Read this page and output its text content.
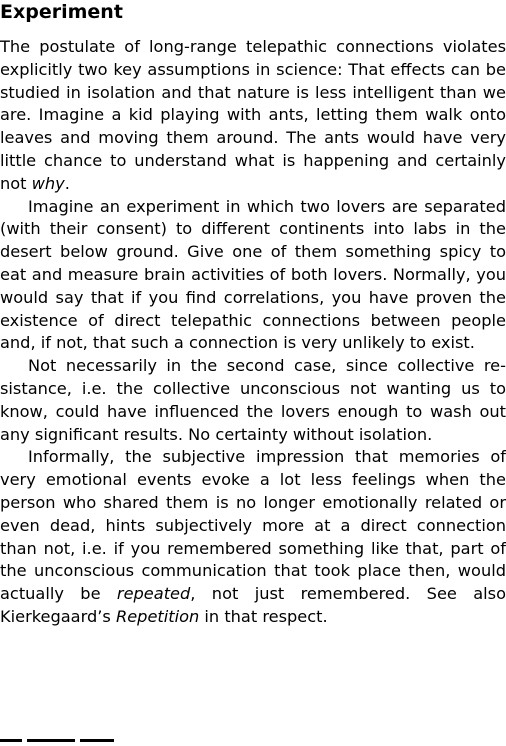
Experiment

The postulate of long-range telepathic connections violates explicitly two key assumptions in science: That effects can be studied in isolation and that nature is less intelligent than we are. Imagine a kid playing with ants, letting them walk onto leaves and moving them around. The ants would have very little chance to understand what is happening and certainly not why.

Imagine an experiment in which two lovers are separated (with their consent) to different continents into labs in the desert below ground. Give one of them something spicy to eat and measure brain activities of both lovers. Normally, you would say that if you find correlations, you have proven the existence of direct telepathic connections between people and, if not, that such a connection is very unlikely to exist.

Not necessarily in the second case, since collective resistance, i.e. the collective unconscious not wanting us to know, could have influenced the lovers enough to wash out any significant results. No certainty without isolation.

Informally, the subjective impression that memories of very emotional events evoke a lot less feelings when the person who shared them is no longer emotionally related or even dead, hints subjectively more at a direct connection than not, i.e. if you remembered something like that, part of the unconscious communication that took place then, would actually be repeated, not just remembered. See also Kierkegaard’s Repetition in that respect.
